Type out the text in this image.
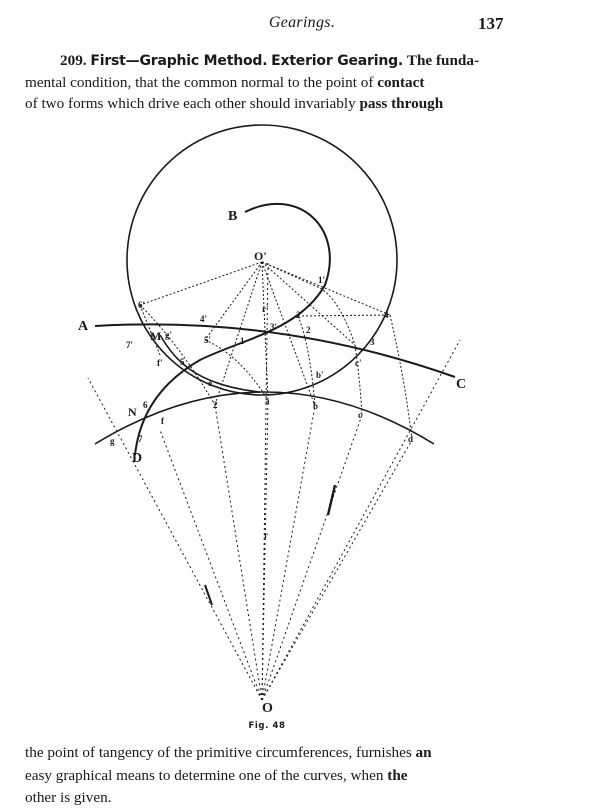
Gearings.	137
209. First—Graphic Method. Exterior Gearing. The funda-
mental condition, that the common normal to the point of contact
of two forms which drive each other should invariably pass through
A
B
C
D
N
M
O
O'
r
r'
6'
7'
g'
5
f'
5'
4'
3'
2'
1'
1
2
3
4
c'
b'
e
6
f
g	7
2	a	b
c
d
Fig. 48
the point of tangency of the primitive circumferences, furnishes an
easy graphical means to determine one of the curves, when the
other is given.
